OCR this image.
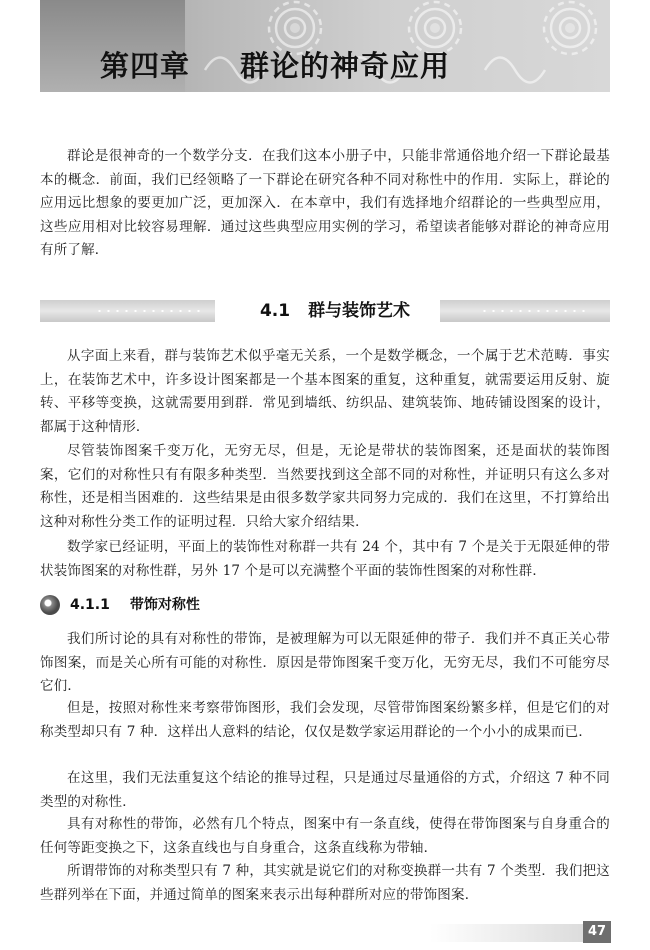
第四章 群论的神奇应用

群论是很神奇的一个数学分支．在我们这本小册子中，只能非常通俗地介绍一下群论最基本的概念．前面，我们已经领略了一下群论在研究各种不同对称性中的作用．实际上，群论的应用远比想象的要更加广泛，更加深入．在本章中，我们有选择地介绍群论的一些典型应用，这些应用相对比较容易理解．通过这些典型应用实例的学习，希望读者能够对群论的神奇应用有所了解．

4.1 群与装饰艺术

从字面上来看，群与装饰艺术似乎毫无关系，一个是数学概念，一个属于艺术范畴．事实上，在装饰艺术中，许多设计图案都是一个基本图案的重复，这种重复，就需要运用反射、旋转、平移等变换，这就需要用到群．常见到墙纸、纺织品、建筑装饰、地砖铺设图案的设计，都属于这种情形．

尽管装饰图案千变万化，无穷无尽，但是，无论是带状的装饰图案，还是面状的装饰图案，它们的对称性只有有限多种类型．当然要找到这全部不同的对称性，并证明只有这么多对称性，还是相当困难的．这些结果是由很多数学家共同努力完成的．我们在这里，不打算给出这种对称性分类工作的证明过程．只给大家介绍结果．

数学家已经证明，平面上的装饰性对称群一共有 24 个，其中有 7 个是关于无限延伸的带状装饰图案的对称性群，另外 17 个是可以充满整个平面的装饰性图案的对称性群．

4.1.1 带饰对称性

我们所讨论的具有对称性的带饰，是被理解为可以无限延伸的带子．我们并不真正关心带饰图案，而是关心所有可能的对称性．原因是带饰图案千变万化，无穷无尽，我们不可能穷尽它们．

但是，按照对称性来考察带饰图形，我们会发现，尽管带饰图案纷繁多样，但是它们的对称类型却只有 7 种．这样出人意料的结论，仅仅是数学家运用群论的一个小小的成果而已．

在这里，我们无法重复这个结论的推导过程，只是通过尽量通俗的方式，介绍这 7 种不同类型的对称性．

具有对称性的带饰，必然有几个特点，图案中有一条直线，使得在带饰图案与自身重合的任何等距变换之下，这条直线也与自身重合，这条直线称为带轴．

所谓带饰的对称类型只有 7 种，其实就是说它们的对称变换群一共有 7 个类型．我们把这些群列举在下面，并通过简单的图案来表示出每种群所对应的带饰图案．

47
